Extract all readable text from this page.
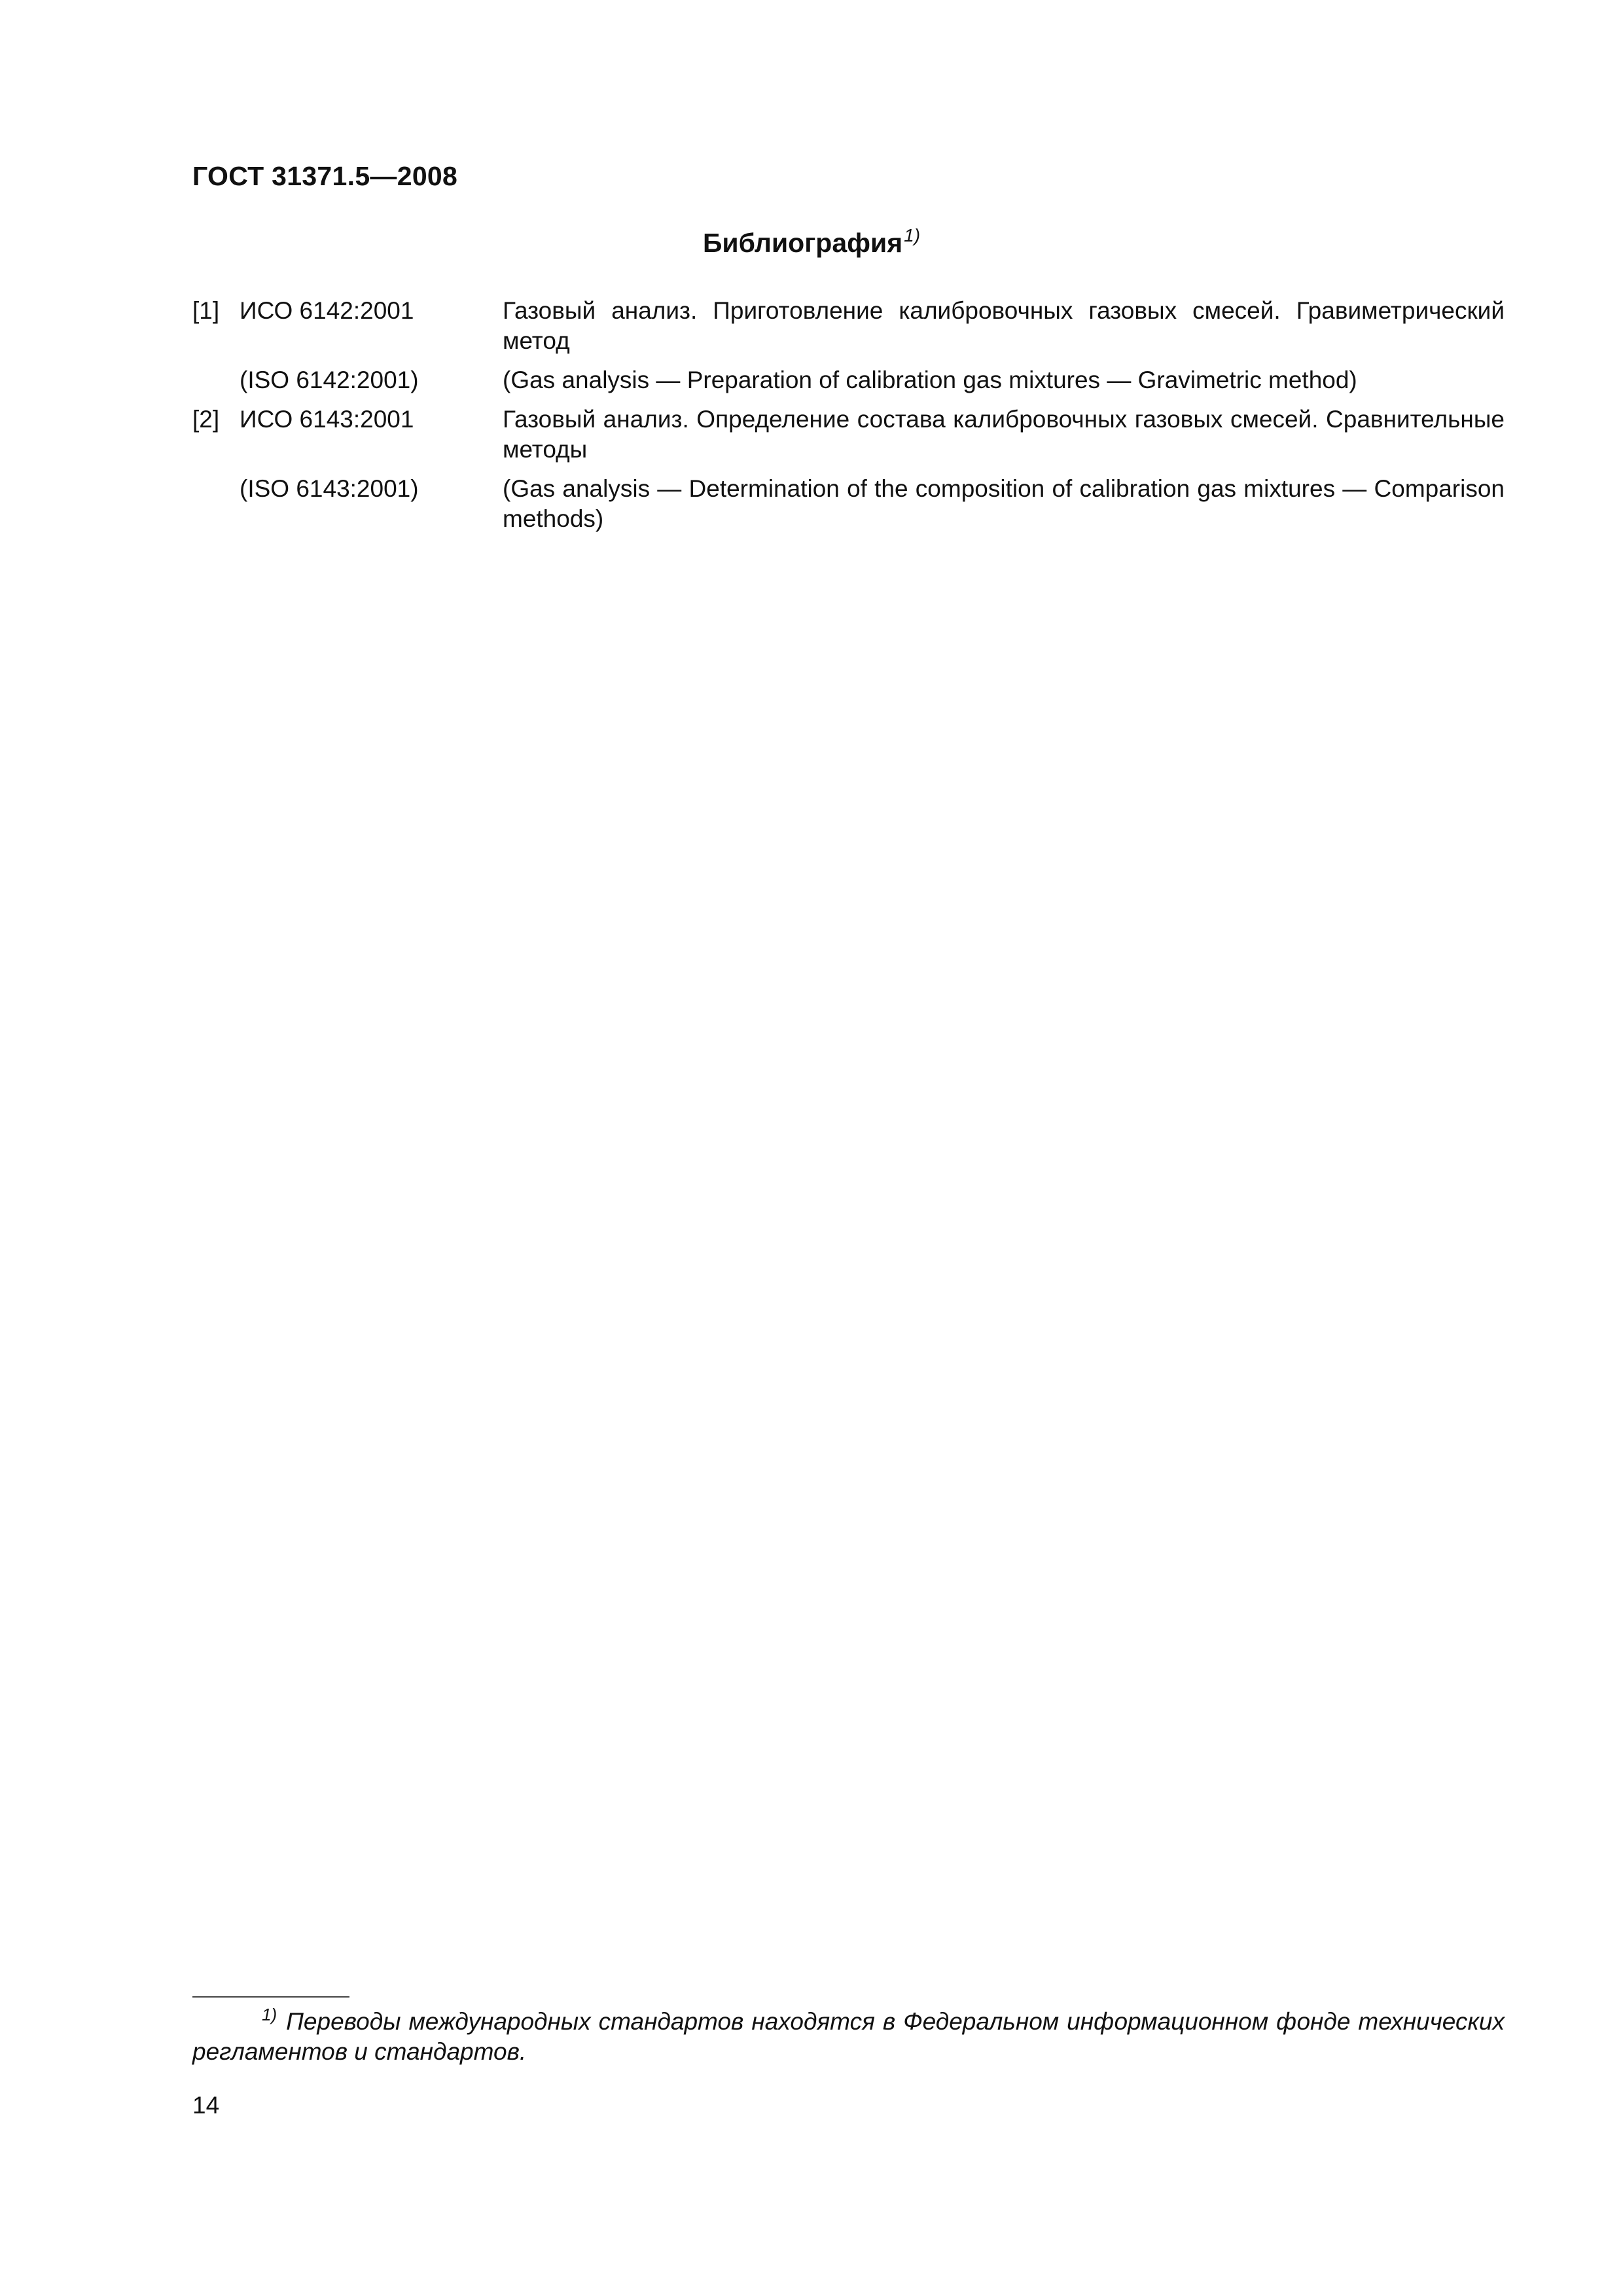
ГОСТ 31371.5—2008
Библиография$^{1)}$
[1] ИСО 6142:2001	Газовый анализ. Приготовление калибровочных газовых смесей. Гравиметрический метод
(ISO 6142:2001)	(Gas analysis — Preparation of calibration gas mixtures — Gravimetric method)
[2] ИСО 6143:2001	Газовый анализ. Определение состава калибровочных газовых смесей. Сравнительные методы
(ISO 6143:2001)	(Gas analysis — Determination of the composition of calibration gas mixtures — Comparison methods)
$^{1)}$ Переводы международных стандартов находятся в Федеральном информационном фонде технических регламентов и стандартов.
14
